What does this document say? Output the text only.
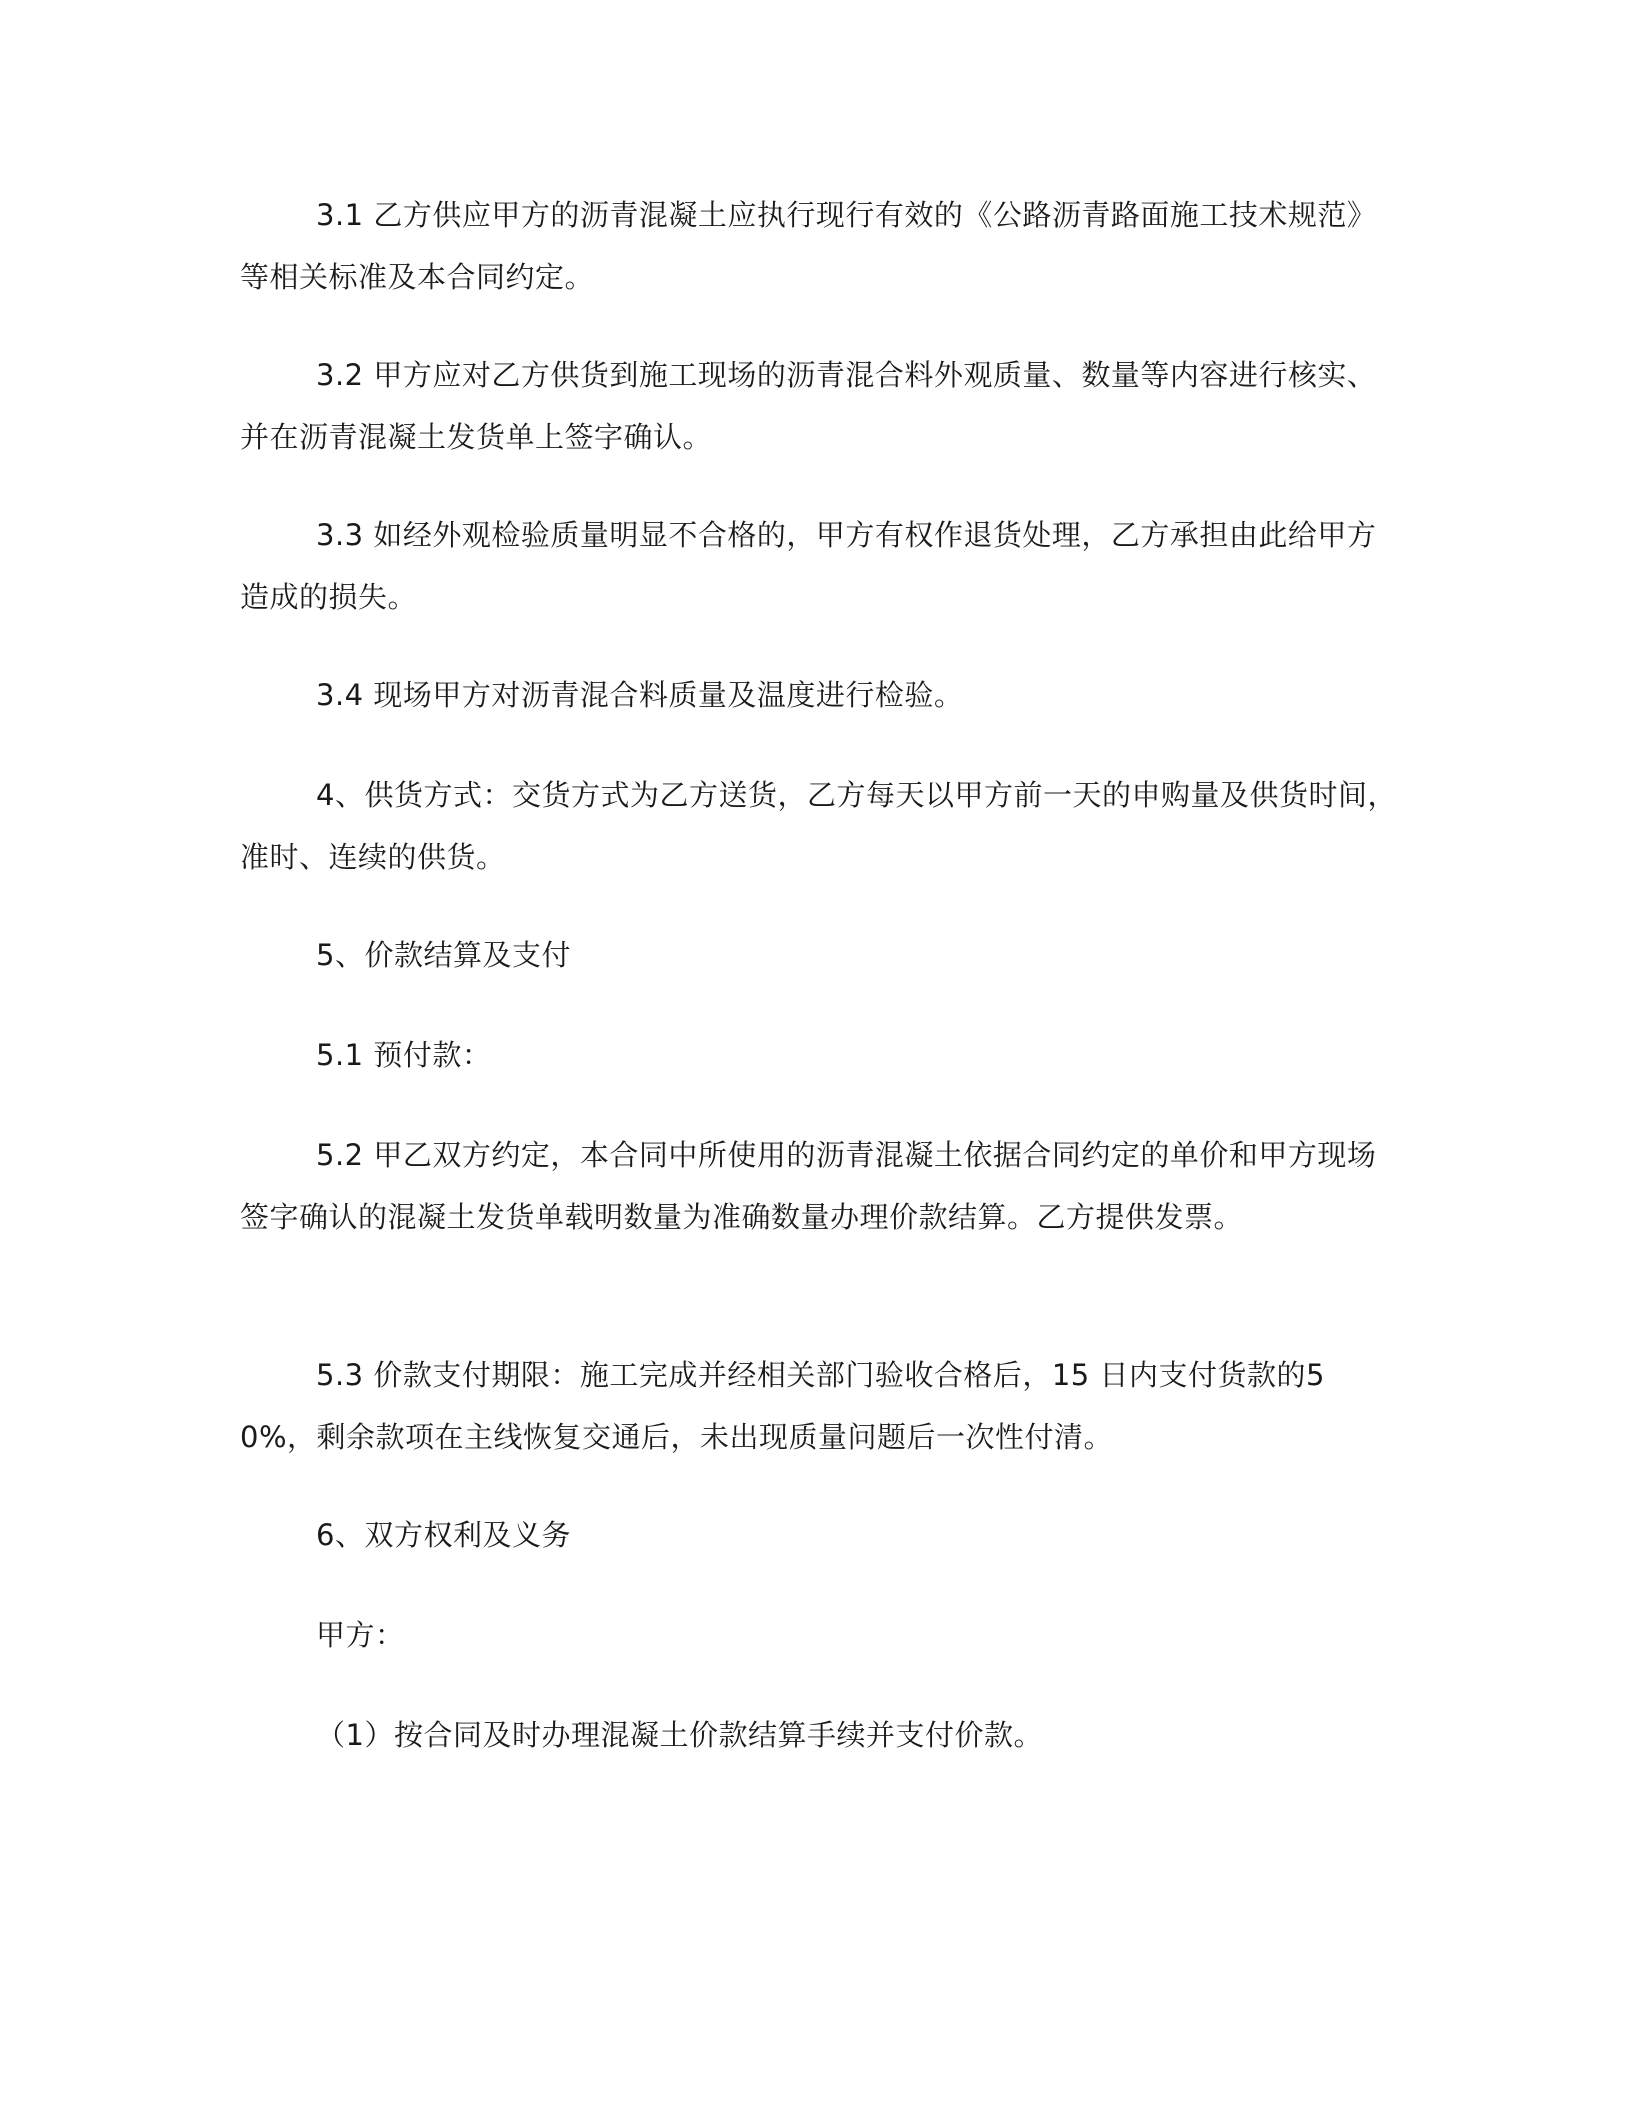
3.1 乙方供应甲方的沥青混凝土应执行现行有效的《公路沥青路面施工技术规范》等相关标准及本合同约定。

3.2 甲方应对乙方供货到施工现场的沥青混合料外观质量、数量等内容进行核实、并在沥青混凝土发货单上签字确认。

3.3 如经外观检验质量明显不合格的，甲方有权作退货处理，乙方承担由此给甲方造成的损失。

3.4 现场甲方对沥青混合料质量及温度进行检验。

4、供货方式：交货方式为乙方送货，乙方每天以甲方前一天的申购量及供货时间，准时、连续的供货。

5、价款结算及支付

5.1 预付款：

5.2 甲乙双方约定，本合同中所使用的沥青混凝土依据合同约定的单价和甲方现场签字确认的混凝土发货单载明数量为准确数量办理价款结算。乙方提供发票。

5.3 价款支付期限：施工完成并经相关部门验收合格后，15 日内支付货款的50%，剩余款项在主线恢复交通后，未出现质量问题后一次性付清。

6、双方权利及义务

甲方：

（1）按合同及时办理混凝土价款结算手续并支付价款。
